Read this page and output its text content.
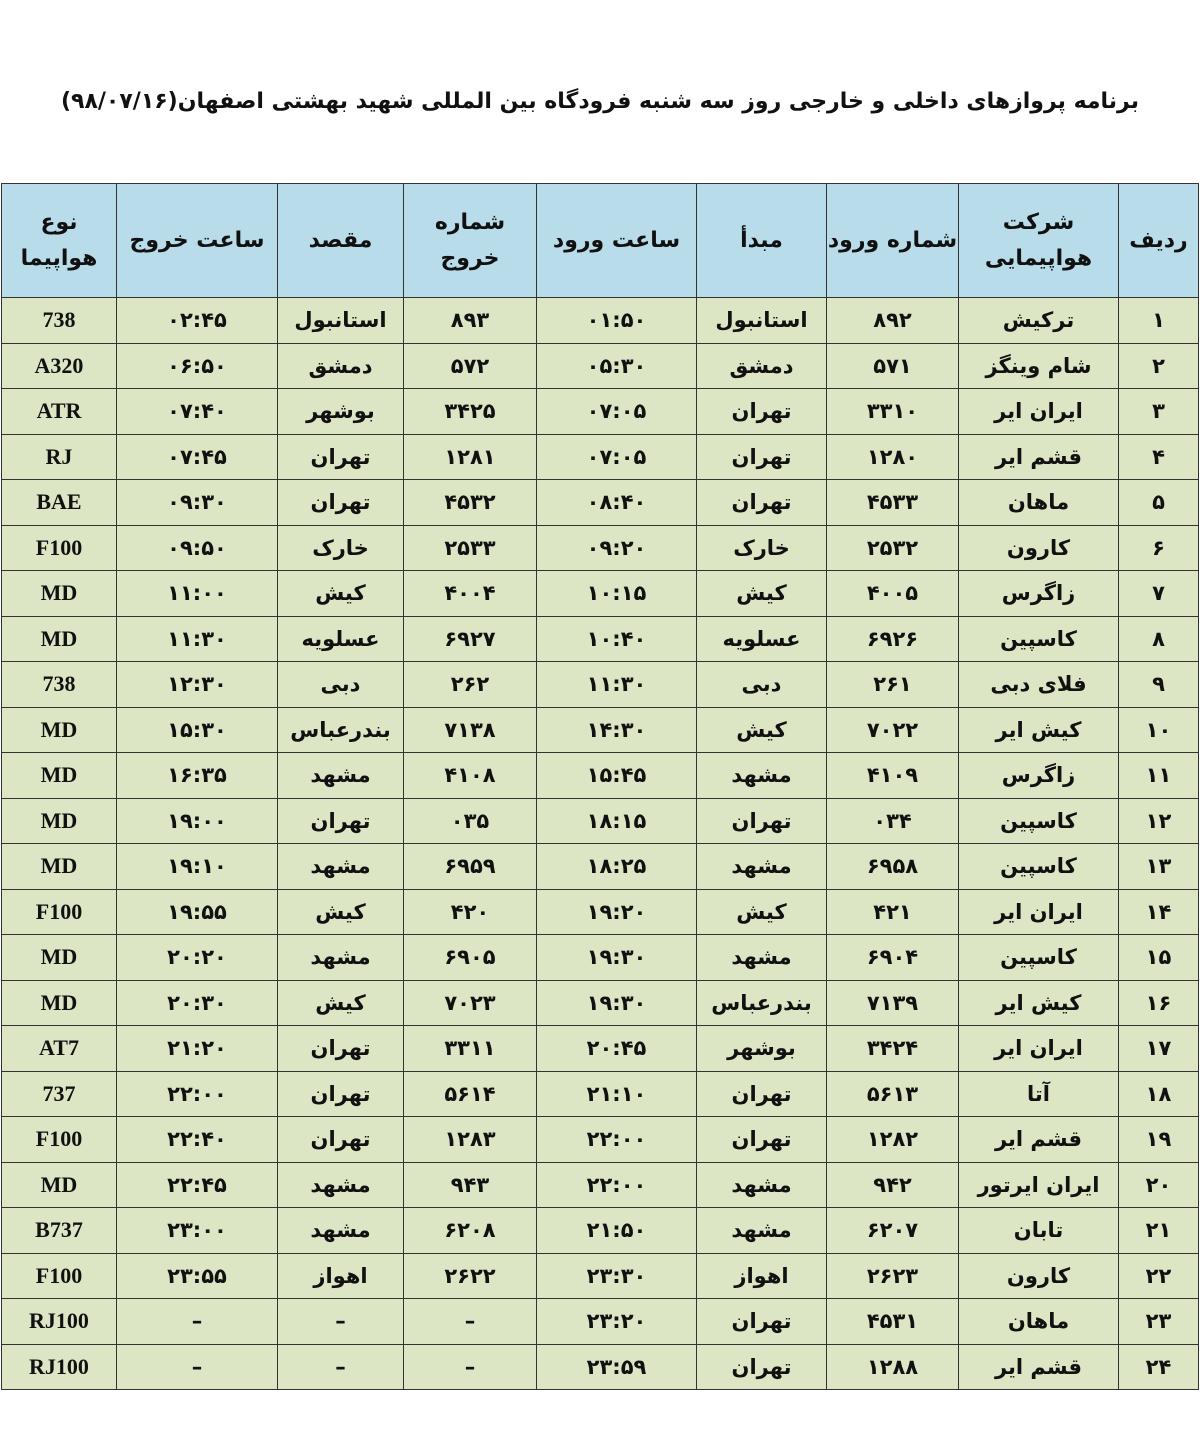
برنامه پروازهای داخلی و خارجی روز سه شنبه فرودگاه بین المللی شهید بهشتی اصفهان(۹۸/۰۷/۱۶)
ردیف	شرکت هواپیمایی	شماره ورود	مبدأ	ساعت ورود	شماره خروج	مقصد	ساعت خروج	نوع هواپیما
۱	ترکیش	۸۹۲	استانبول	۰۱:۵۰	۸۹۳	استانبول	۰۲:۴۵	738
۲	شام وینگز	۵۷۱	دمشق	۰۵:۳۰	۵۷۲	دمشق	۰۶:۵۰	A320
۳	ایران ایر	۳۳۱۰	تهران	۰۷:۰۵	۳۴۲۵	بوشهر	۰۷:۴۰	ATR
۴	قشم ایر	۱۲۸۰	تهران	۰۷:۰۵	۱۲۸۱	تهران	۰۷:۴۵	RJ
۵	ماهان	۴۵۳۳	تهران	۰۸:۴۰	۴۵۳۲	تهران	۰۹:۳۰	BAE
۶	کارون	۲۵۳۲	خارک	۰۹:۲۰	۲۵۳۳	خارک	۰۹:۵۰	F100
۷	زاگرس	۴۰۰۵	کیش	۱۰:۱۵	۴۰۰۴	کیش	۱۱:۰۰	MD
۸	کاسپین	۶۹۲۶	عسلویه	۱۰:۴۰	۶۹۲۷	عسلویه	۱۱:۳۰	MD
۹	فلای دبی	۲۶۱	دبی	۱۱:۳۰	۲۶۲	دبی	۱۲:۳۰	738
۱۰	کیش ایر	۷۰۲۲	کیش	۱۴:۳۰	۷۱۳۸	بندرعباس	۱۵:۳۰	MD
۱۱	زاگرس	۴۱۰۹	مشهد	۱۵:۴۵	۴۱۰۸	مشهد	۱۶:۳۵	MD
۱۲	کاسپین	۰۳۴	تهران	۱۸:۱۵	۰۳۵	تهران	۱۹:۰۰	MD
۱۳	کاسپین	۶۹۵۸	مشهد	۱۸:۲۵	۶۹۵۹	مشهد	۱۹:۱۰	MD
۱۴	ایران ایر	۴۲۱	کیش	۱۹:۲۰	۴۲۰	کیش	۱۹:۵۵	F100
۱۵	کاسپین	۶۹۰۴	مشهد	۱۹:۳۰	۶۹۰۵	مشهد	۲۰:۲۰	MD
۱۶	کیش ایر	۷۱۳۹	بندرعباس	۱۹:۳۰	۷۰۲۳	کیش	۲۰:۳۰	MD
۱۷	ایران ایر	۳۴۲۴	بوشهر	۲۰:۴۵	۳۳۱۱	تهران	۲۱:۲۰	AT7
۱۸	آتا	۵۶۱۳	تهران	۲۱:۱۰	۵۶۱۴	تهران	۲۲:۰۰	737
۱۹	قشم ایر	۱۲۸۲	تهران	۲۲:۰۰	۱۲۸۳	تهران	۲۲:۴۰	F100
۲۰	ایران ایرتور	۹۴۲	مشهد	۲۲:۰۰	۹۴۳	مشهد	۲۲:۴۵	MD
۲۱	تابان	۶۲۰۷	مشهد	۲۱:۵۰	۶۲۰۸	مشهد	۲۳:۰۰	B737
۲۲	کارون	۲۶۲۳	اهواز	۲۳:۳۰	۲۶۲۲	اهواز	۲۳:۵۵	F100
۲۳	ماهان	۴۵۳۱	تهران	۲۳:۲۰	–	–	–	RJ100
۲۴	قشم ایر	۱۲۸۸	تهران	۲۳:۵۹	–	–	–	RJ100
